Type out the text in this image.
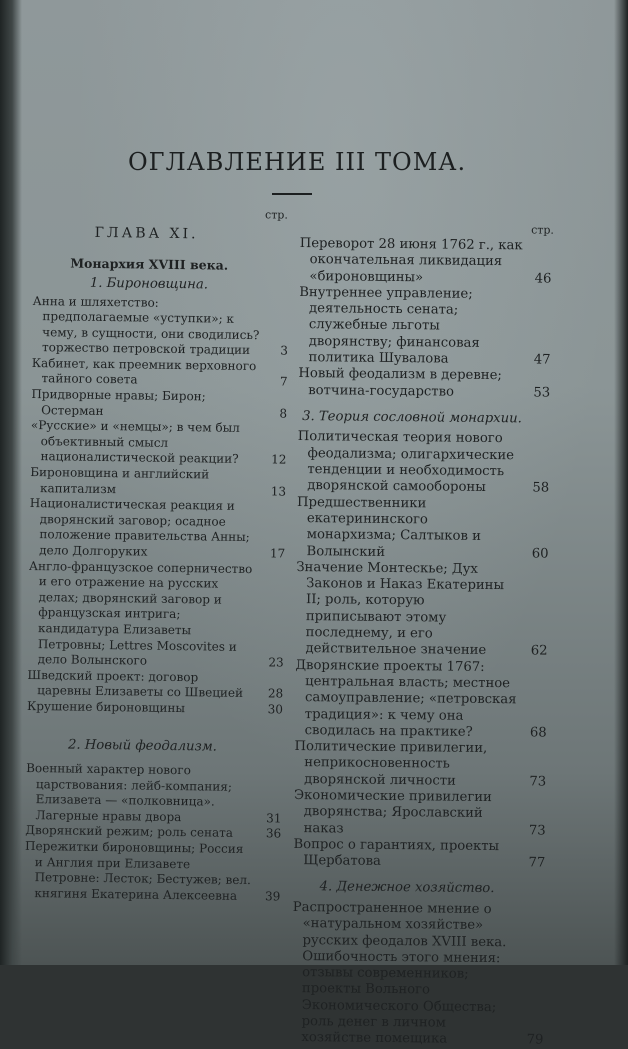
ОГЛАВЛЕНИЕ III ТОМА.
стр.
ГЛАВА XI.
Монархия XVIII века.
1. Бироновщина.
Анна и шляхетство: предполагаемые «уступки»; к чему, в сущности, они сводились? торжество петровской традиции	3
Кабинет, как преемник верховного тайного совета	7
Придворные нравы; Бирон; Остерман	8
«Русские» и «немцы»; в чем был объективный смысл националистической реакции?	12
Бироновщина и английский капитализм	13
Националистическая реакция и дворянский заговор; осадное положение правительства Анны; дело Долгоруких	17
Англо-французское соперничество и его отражение на русских делах; дворянский заговор и французская интрига; кандидатура Елизаветы Петровны; Lettres Moscovites и дело Волынского	23
Шведский проект: договор царевны Елизаветы со Швецией	28
Крушение бироновщины	30
2. Новый феодализм.
Военный характер нового царствования: лейб-компания; Елизавета — «полковница». Лагерные нравы двора	31
Дворянский режим; роль сената	36
Пережитки бироновщины; Россия и Англия при Елизавете Петровне: Лесток; Бестужев; вел. княгиня Екатерина Алексеевна	39
стр.
Переворот 28 июня 1762 г., как окончательная ликвидация «бироновщины»	46
Внутреннее управление; деятельность сената; служебные льготы дворянству; финансовая политика Шувалова	47
Новый феодализм в деревне; вотчина-государство	53
3. Теория сословной монархии.
Политическая теория нового феодализма; олигархические тенденции и необходимость дворянской самообороны	58
Предшественники екатерининского монархизма; Салтыков и Волынский	60
Значение Монтескье; Дух Законов и Наказ Екатерины II; роль, которую приписывают этому последнему, и его действительное значение	62
Дворянские проекты 1767: центральная власть; местное самоуправление; «петровская традиция»: к чему она сводилась на практике?	68
Политические привилегии, неприкосновенность дворянской личности	73
Экономические привилегии дворянства; Ярославский наказ	73
Вопрос о гарантиях, проекты Щербатова	77
4. Денежное хозяйство.
Распространенное мнение о «натуральном хозяйстве» русских феодалов XVIII века. Ошибочность этого мнения: отзывы современников; проекты Вольного Экономического Общества; роль денег в личном хозяйстве помещика	79
